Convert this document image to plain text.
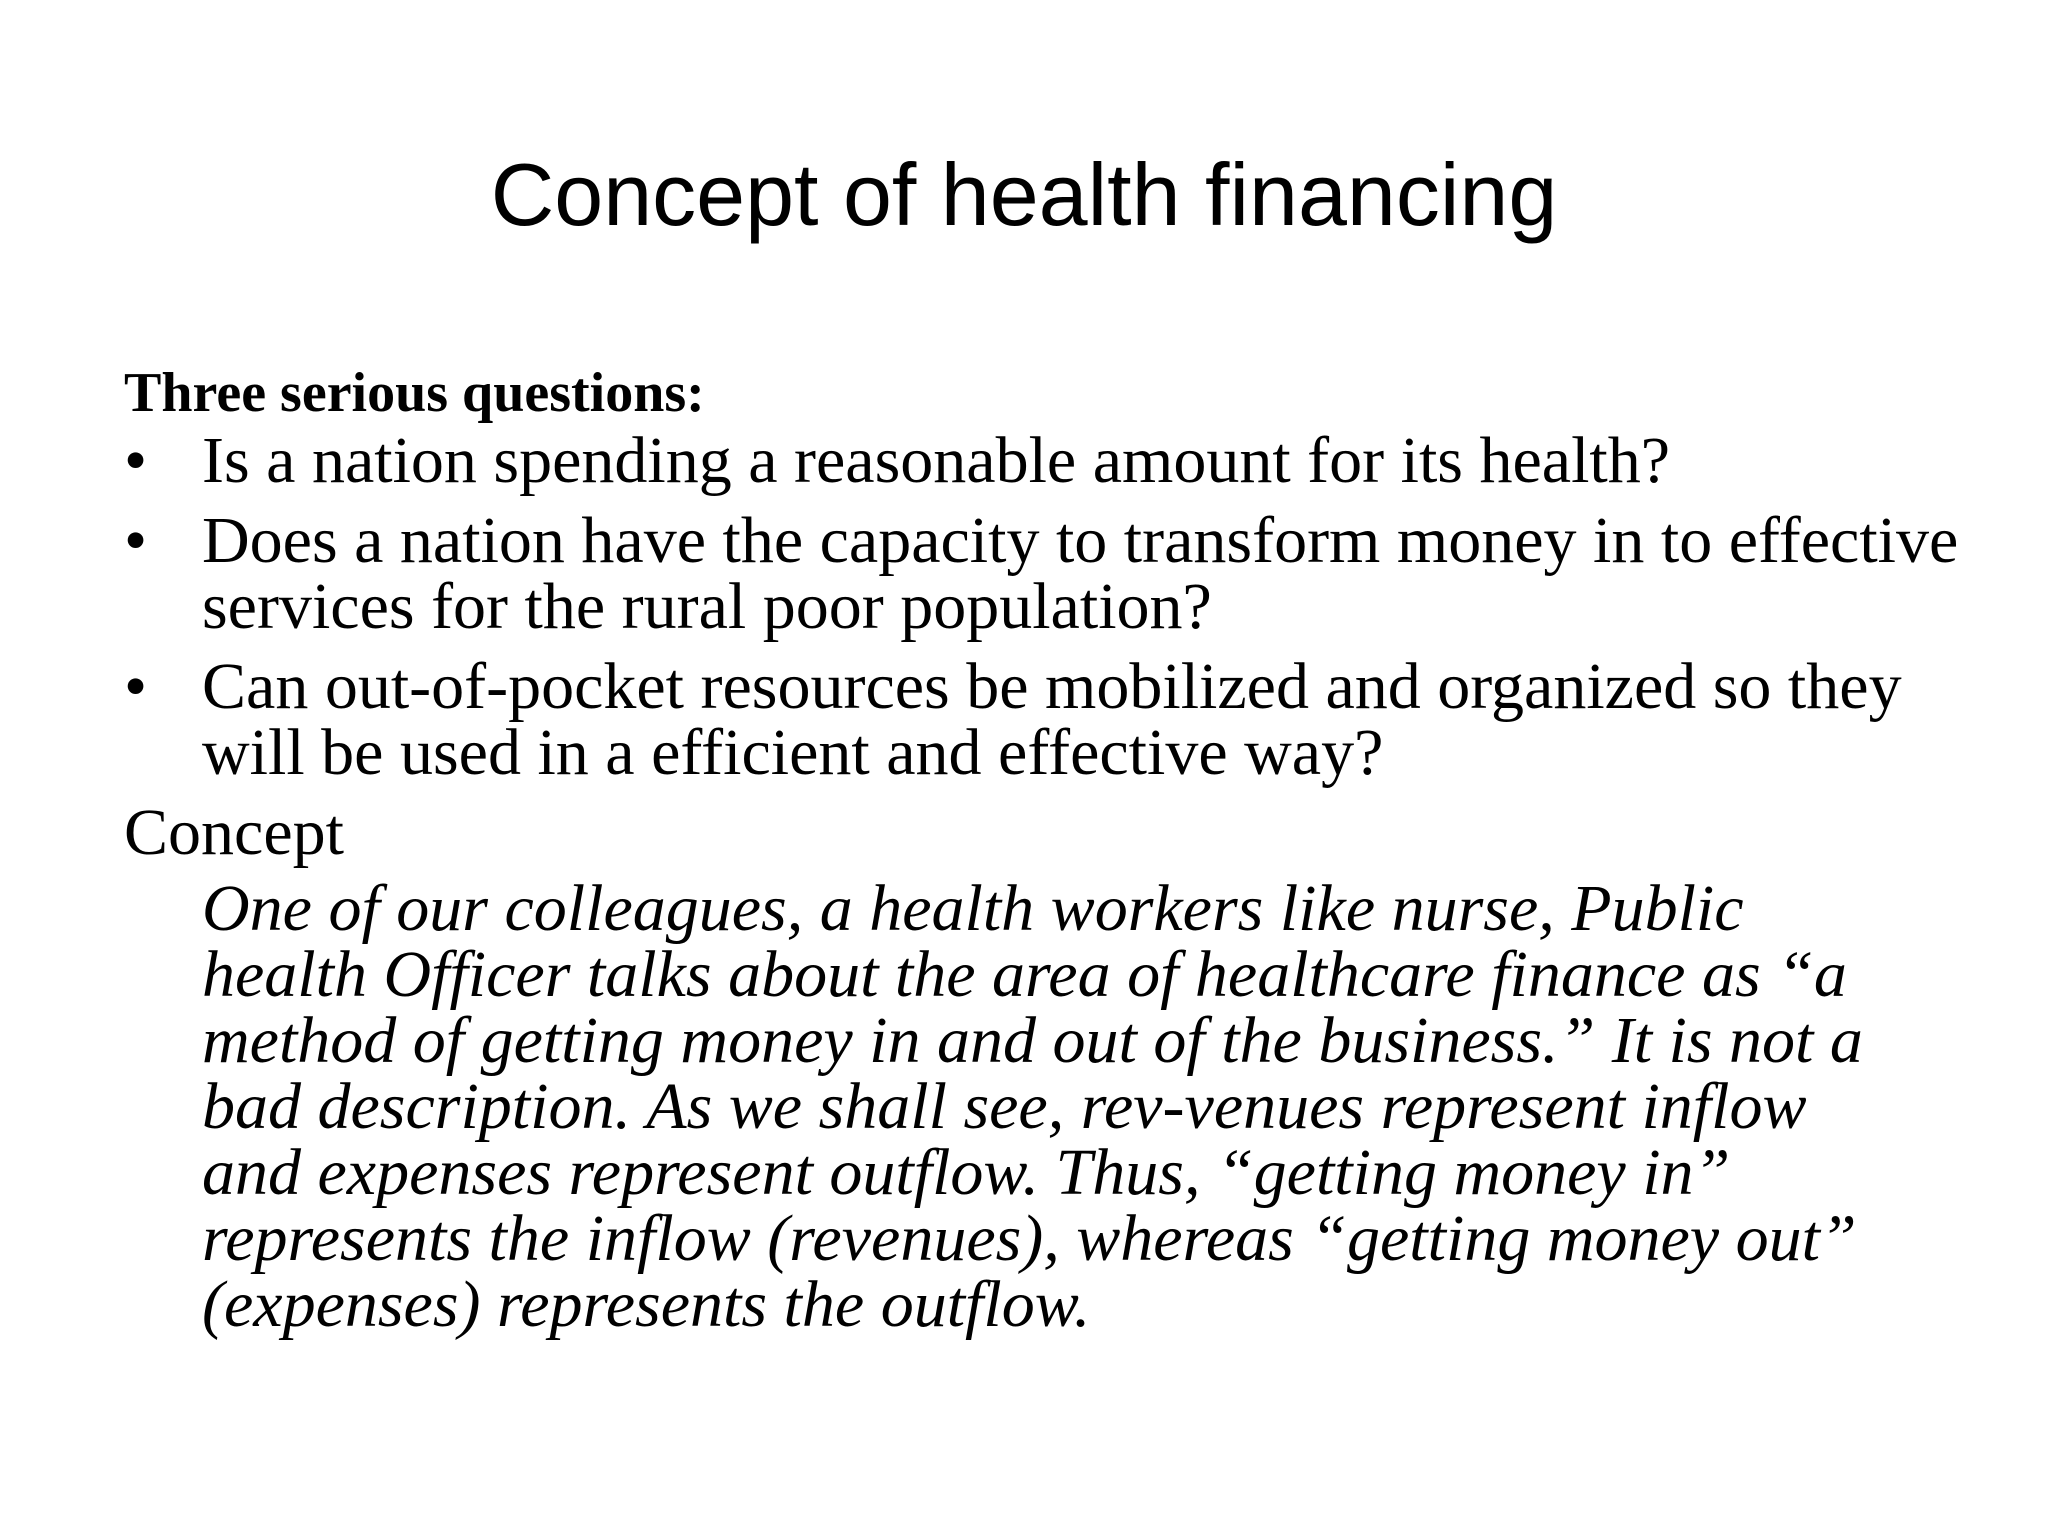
Concept of health financing

Three serious questions:

• Is a nation spending a reasonable amount for its health?
• Does a nation have the capacity to transform money in to effective services for the rural poor population?
• Can out-of-pocket resources be mobilized and organized so they will be used in a efficient and effective way?

Concept

One of our colleagues, a health workers like nurse, Public
health Officer talks about the area of healthcare finance as “a
method of getting money in and out of the business.” It is not a
bad description. As we shall see, rev-venues represent inflow
and expenses represent outflow. Thus, “getting money in”
represents the inflow (revenues), whereas “getting money out”
(expenses) represents the outflow.
